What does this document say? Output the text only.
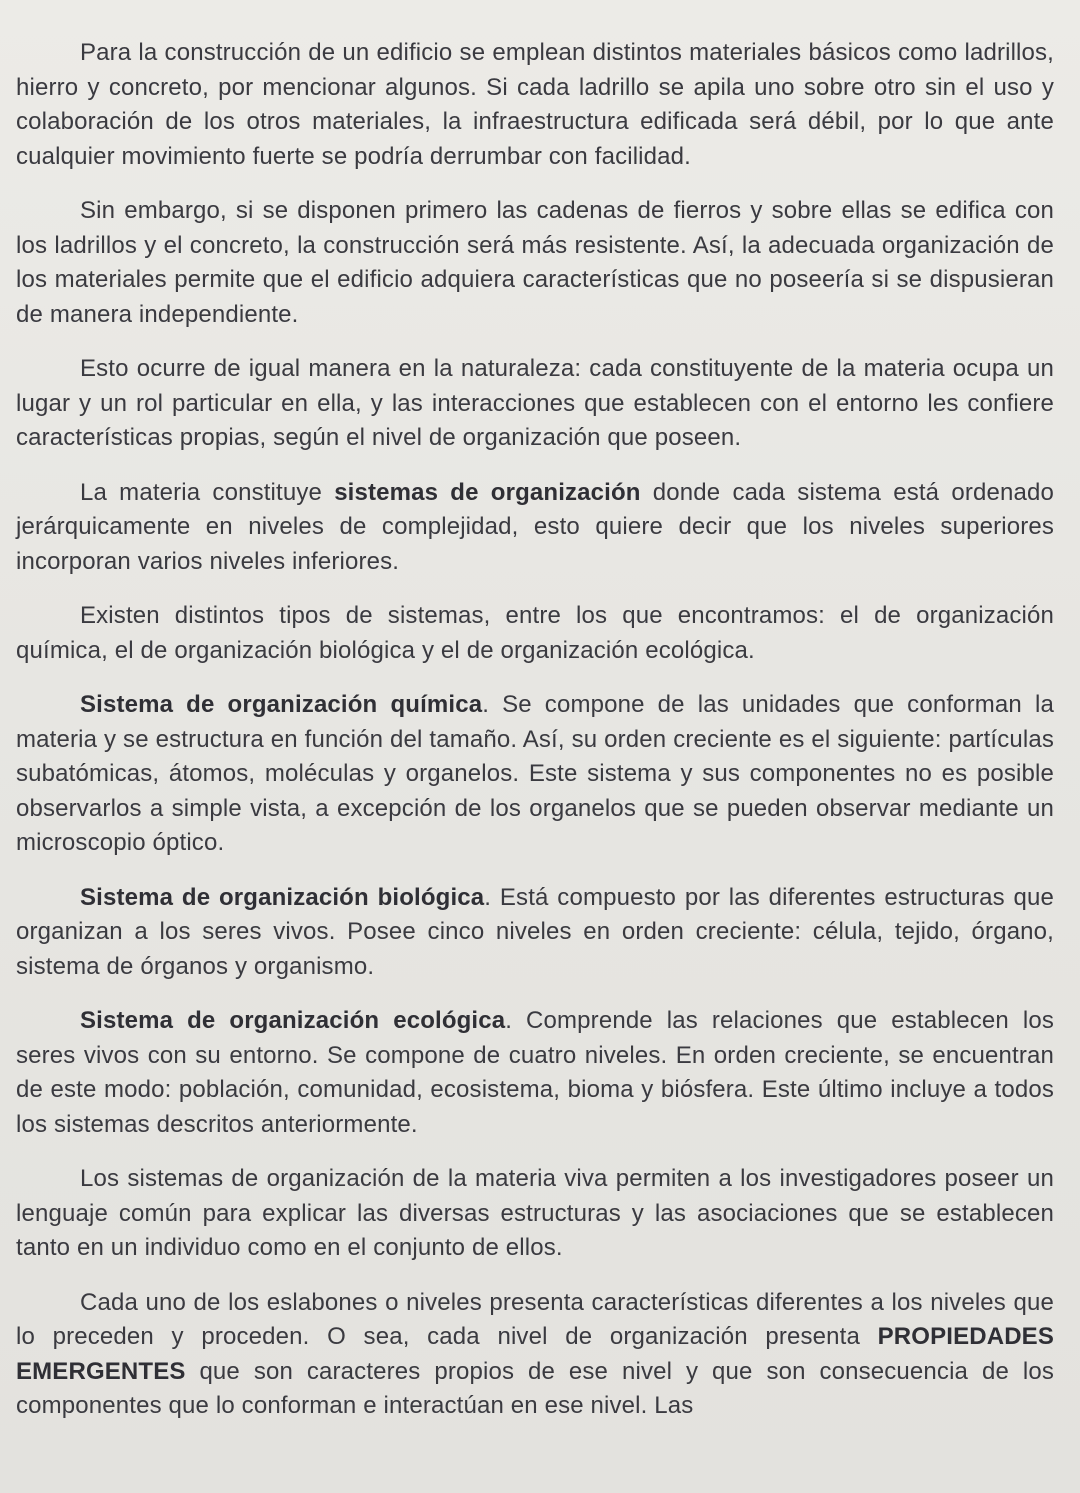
Para la construcción de un edificio se emplean distintos materiales básicos como ladrillos, hierro y concreto, por mencionar algunos. Si cada ladrillo se apila uno sobre otro sin el uso y colaboración de los otros materiales, la infraestructura edificada será débil, por lo que ante cualquier movimiento fuerte se podría derrumbar con facilidad.

Sin embargo, si se disponen primero las cadenas de fierros y sobre ellas se edifica con los ladrillos y el concreto, la construcción será más resistente. Así, la adecuada organización de los materiales permite que el edificio adquiera características que no poseería si se dispusieran de manera independiente.

Esto ocurre de igual manera en la naturaleza: cada constituyente de la materia ocupa un lugar y un rol particular en ella, y las interacciones que establecen con el entorno les confiere características propias, según el nivel de organización que poseen.

La materia constituye sistemas de organización donde cada sistema está ordenado jerárquicamente en niveles de complejidad, esto quiere decir que los niveles superiores incorporan varios niveles inferiores.

Existen distintos tipos de sistemas, entre los que encontramos: el de organización química, el de organización biológica y el de organización ecológica.

Sistema de organización química. Se compone de las unidades que conforman la materia y se estructura en función del tamaño. Así, su orden creciente es el siguiente: partículas subatómicas, átomos, moléculas y organelos. Este sistema y sus componentes no es posible observarlos a simple vista, a excepción de los organelos que se pueden observar mediante un microscopio óptico.

Sistema de organización biológica. Está compuesto por las diferentes estructuras que organizan a los seres vivos. Posee cinco niveles en orden creciente: célula, tejido, órgano, sistema de órganos y organismo.

Sistema de organización ecológica. Comprende las relaciones que establecen los seres vivos con su entorno. Se compone de cuatro niveles. En orden creciente, se encuentran de este modo: población, comunidad, ecosistema, bioma y biósfera. Este último incluye a todos los sistemas descritos anteriormente.

Los sistemas de organización de la materia viva permiten a los investigadores poseer un lenguaje común para explicar las diversas estructuras y las asociaciones que se establecen tanto en un individuo como en el conjunto de ellos.

Cada uno de los eslabones o niveles presenta características diferentes a los niveles que lo preceden y proceden. O sea, cada nivel de organización presenta PROPIEDADES EMERGENTES que son caracteres propios de ese nivel y que son consecuencia de los componentes que lo conforman e interactúan en ese nivel. Las
